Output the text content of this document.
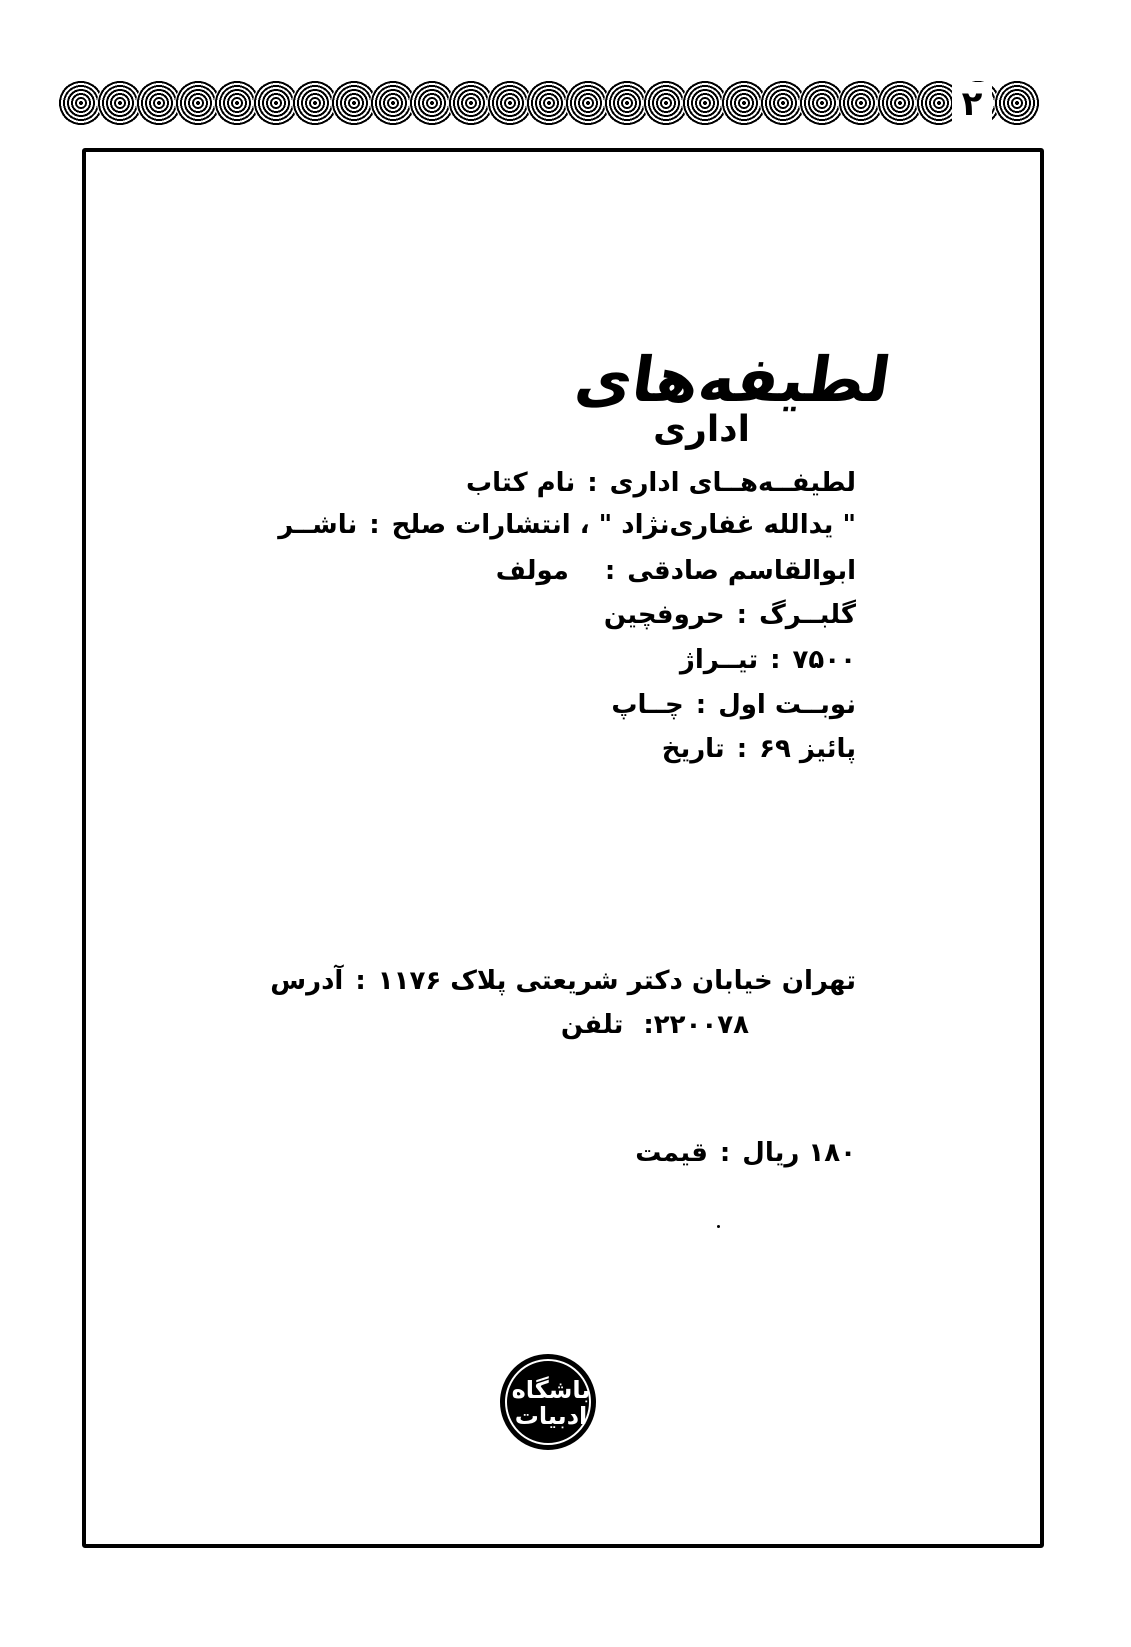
۲
لطیفه‌های
اداری
نام کتاب : لطیفــه‌هــای اداری
ناشــر : " یدالله غفاری‌نژاد " ، انتشارات صلح
مولف : ابوالقاسم صادقی
حروفچین : گلبــرگ
تیــراژ : ۷۵۰۰
چــاپ : نوبــت اول
تاریخ : پائیز ۶۹
آدرس : تهران خیابان دکتر شریعتی پلاک ۱۱۷۶
تلفن :۲۲۰۰۷۸
قیمت : ۱۸۰ ریال
باشگاه
ادبیات
